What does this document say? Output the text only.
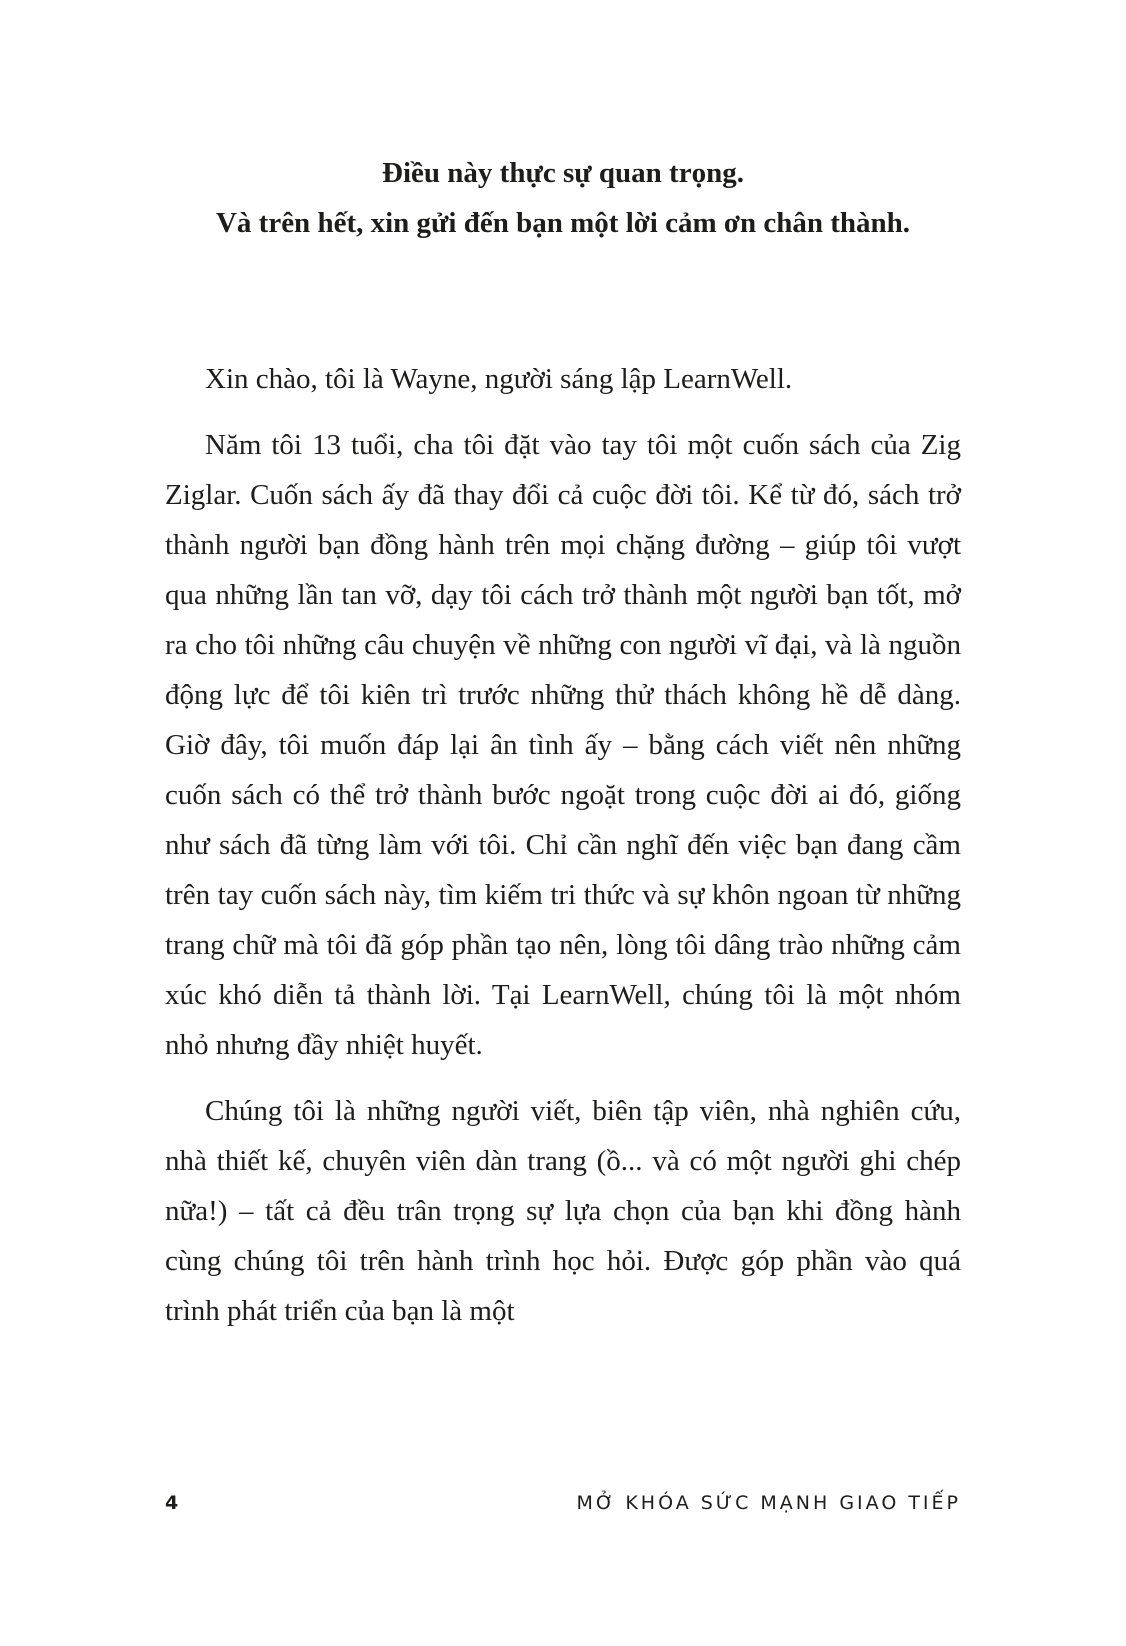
Điều này thực sự quan trọng.
Và trên hết, xin gửi đến bạn một lời cảm ơn chân thành.

Xin chào, tôi là Wayne, người sáng lập LearnWell.

Năm tôi 13 tuổi, cha tôi đặt vào tay tôi một cuốn sách của Zig Ziglar. Cuốn sách ấy đã thay đổi cả cuộc đời tôi. Kể từ đó, sách trở thành người bạn đồng hành trên mọi chặng đường – giúp tôi vượt qua những lần tan vỡ, dạy tôi cách trở thành một người bạn tốt, mở ra cho tôi những câu chuyện về những con người vĩ đại, và là nguồn động lực để tôi kiên trì trước những thử thách không hề dễ dàng. Giờ đây, tôi muốn đáp lại ân tình ấy – bằng cách viết nên những cuốn sách có thể trở thành bước ngoặt trong cuộc đời ai đó, giống như sách đã từng làm với tôi. Chỉ cần nghĩ đến việc bạn đang cầm trên tay cuốn sách này, tìm kiếm tri thức và sự khôn ngoan từ những trang chữ mà tôi đã góp phần tạo nên, lòng tôi dâng trào những cảm xúc khó diễn tả thành lời. Tại LearnWell, chúng tôi là một nhóm nhỏ nhưng đầy nhiệt huyết.

Chúng tôi là những người viết, biên tập viên, nhà nghiên cứu, nhà thiết kế, chuyên viên dàn trang (ồ... và có một người ghi chép nữa!) – tất cả đều trân trọng sự lựa chọn của bạn khi đồng hành cùng chúng tôi trên hành trình học hỏi. Được góp phần vào quá trình phát triển của bạn là một

4	MỞ KHÓA SỨC MẠNH GIAO TIẾP
